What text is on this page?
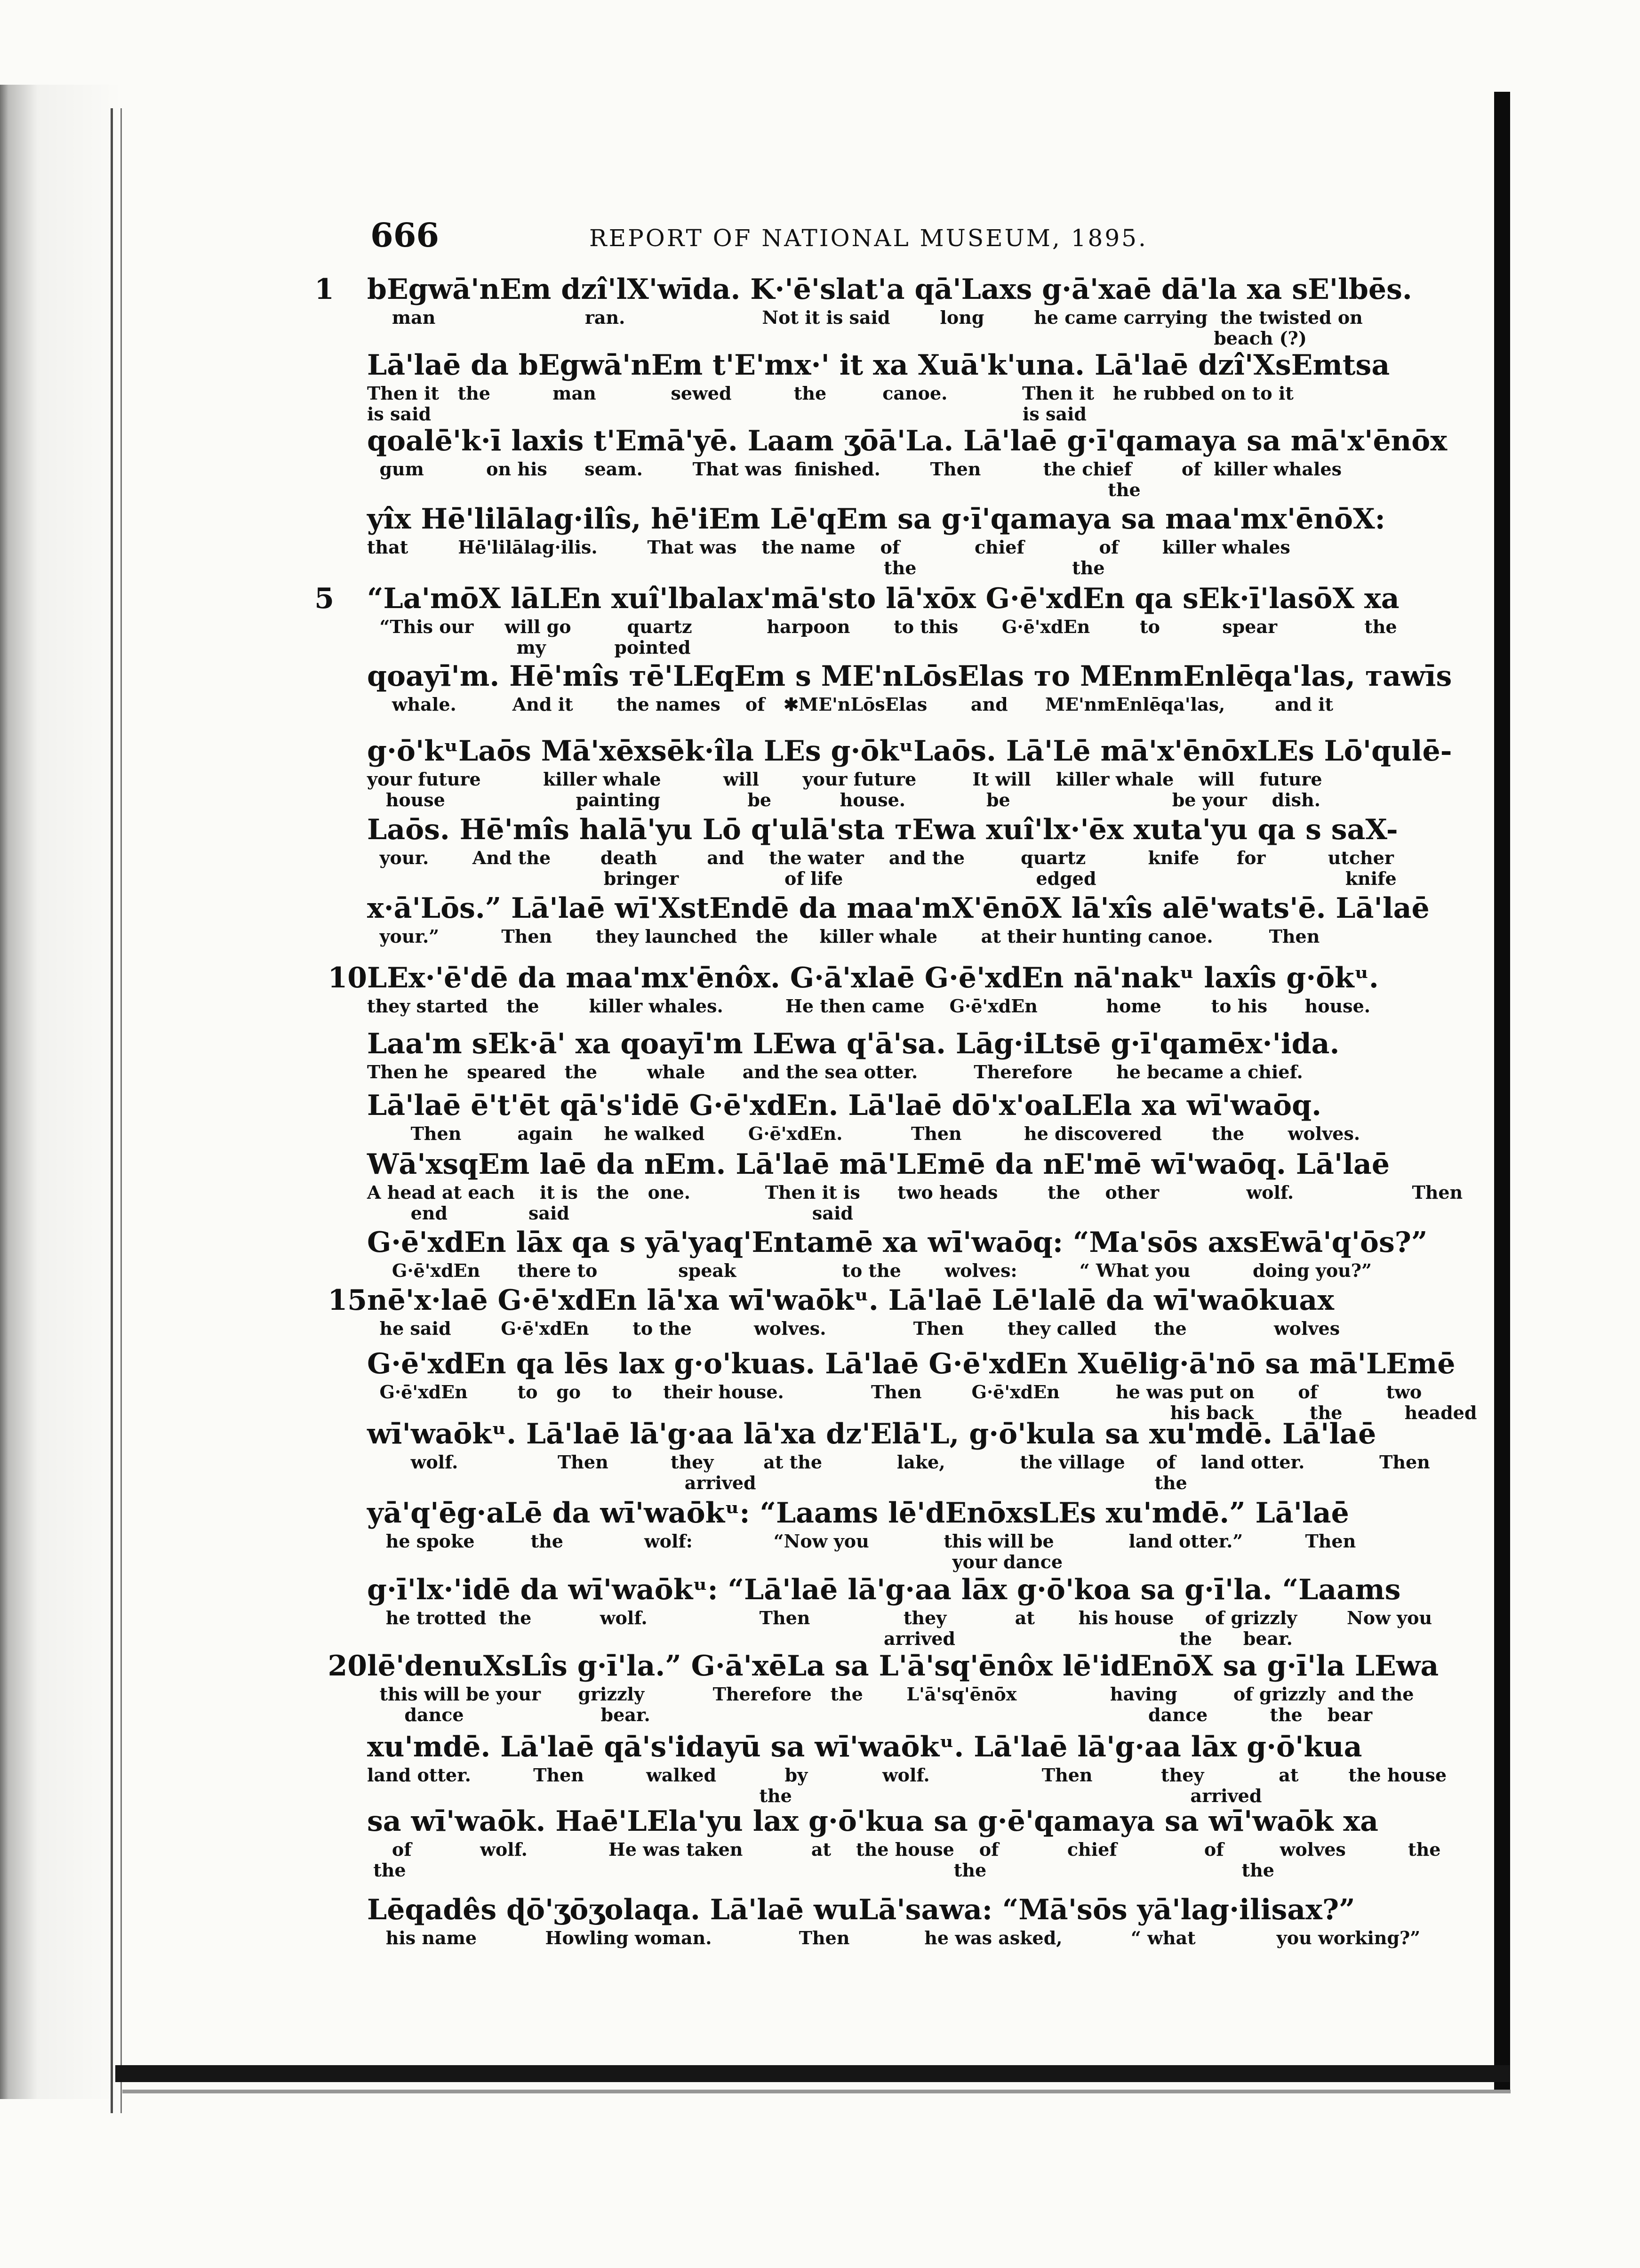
666	REPORT OF NATIONAL MUSEUM, 1895.
1 bEgwā'nEm dzî'lX'wīda. K·'ē'slat'a qā'Laxs g·ā'xaē dā'la xa sE'lbēs.
man                        ran.                      Not it is said        long        he came carrying  the twisted on
beach (?)
Lā'laē da bEgwā'nEm t'E'mx·' it xa Xuā'k'una. Lā'laē dzî'XsEmtsa
Then it   the          man            sewed          the         canoe.            Then it   he rubbed on to it
is said                                                                                               is said
qoalē'k·ī laxis t'Emā'yē. Laam ʒōā'La. Lā'laē g·ī'qamaya sa mā'x'ēnōx
gum          on his      seam.        That was  finished.        Then          the chief        of  killer whales
the
yîx Hē'lilālag·ilîs, hē'iEm Lē'qEm sa g·ī'qamaya sa maa'mx'ēnōX:
that        Hē'lilālag·ilis.        That was    the name    of            chief            of       killer whales
the                         the
5 “La'mōX lāLEn xuî'lbalax'mā'sto lā'xōx G·ē'xdEn qa sEk·ī'lasōX xa
“This our     will go         quartz            harpoon       to this       G·ē'xdEn        to          spear              the
my           pointed
qoayī'm. Hē'mîs ᴛē'LEqEm s ME'nLōsElas ᴛo MEnmEnlēqa'las, ᴛawīs
whale.         And it       the names    of   ✱ME'nLōsElas       and      ME'nmEnlēqa'las,        and it
g·ō'kᵘLaōs Mā'xēxsēk·îla LEs g·ōkᵘLaōs. Lā'Lē mā'x'ēnōxLEs Lō'qulē-
your future          killer whale          will       your future         It will    killer whale    will    future
house                     painting              be           house.             be                          be your    dish.
Laōs. Hē'mîs halā'yu Lō q'ulā'sta ᴛEwa xuî'lx·'ēx xuta'yu qa s saX-
your.       And the        death        and    the water    and the         quartz          knife      for          utcher
bringer                 of life                               edged                                        knife
x·ā'Lōs.” Lā'laē wī'XstEndē da maa'mX'ēnōX lā'xîs alē'wats'ē. Lā'laē
your.”          Then       they launched   the     killer whale       at their hunting canoe.         Then
10 LEx·'ē'dē da maa'mx'ēnôx. G·ā'xlaē G·ē'xdEn nā'nakᵘ laxîs g·ōkᵘ.
they started   the        killer whales.          He then came    G·ē'xdEn           home        to his      house.
Laa'm sEk·ā' xa qoayī'm LEwa q'ā'sa. Lāg·iLtsē g·ī'qamēx·'ida.
Then he   speared   the        whale      and the sea otter.         Therefore       he became a chief.
Lā'laē ē't'ēt qā's'idē G·ē'xdEn. Lā'laē dō'x'oaLEla xa wī'waōq.
Then         again     he walked       G·ē'xdEn.           Then          he discovered        the       wolves.
Wā'xsqEm laē da nEm. Lā'laē mā'LEmē da nE'mē wī'waōq. Lā'laē
A head at each    it is   the   one.            Then it is      two heads        the    other              wolf.                   Then
end             said                                       said
G·ē'xdEn lāx qa s yā'yaq'Entamē xa wī'waōq: “Ma'sōs axsEwā'q'ōs?”
G·ē'xdEn      there to             speak                 to the       wolves:          “ What you          doing you?”
15 nē'x·laē G·ē'xdEn lā'xa wī'waōkᵘ. Lā'laē Lē'lalē da wī'waōkuax
he said        G·ē'xdEn       to the          wolves.              Then       they called      the              wolves
G·ē'xdEn qa lēs lax g·o'kuas. Lā'laē G·ē'xdEn Xuēlig·ā'nō sa mā'LEmē
G·ē'xdEn        to   go     to     their house.              Then        G·ē'xdEn         he was put on       of           two
his back         the          headed
wī'waōkᵘ. Lā'laē lā'g·aa lā'xa dz'Elā'L, g·ō'kula sa xu'mdē. Lā'laē
wolf.                Then          they        at the            lake,            the village     of    land otter.            Then
arrived                                                                the
yā'q'ēg·aLē da wī'waōkᵘ: “Laams lē'dEnōxsLEs xu'mdē.” Lā'laē
he spoke         the             wolf:             “Now you            this will be            land otter.”          Then
your dance
g·ī'lx·'idē da wī'waōkᵘ: “Lā'laē lā'g·aa lāx g·ō'koa sa g·ī'la. “Laams
he trotted  the           wolf.                  Then               they           at       his house     of grizzly        Now you
arrived                                    the     bear.
20 lē'denuXsLîs g·ī'la.” G·ā'xēLa sa L'ā'sq'ēnôx lē'idEnōX sa g·ī'la LEwa
this will be your      grizzly           Therefore   the       L'ā'sq'ēnōx               having         of grizzly  and the
dance                      bear.                                                                                dance          the    bear
xu'mdē. Lā'laē qā's'idayū sa wī'waōkᵘ. Lā'laē lā'g·aa lāx g·ō'kua
land otter.          Then          walked           by            wolf.                  Then           they            at        the house
the                                                                arrived
sa wī'waōk. Haē'LEla'yu lax g·ō'kua sa g·ē'qamaya sa wī'waōk xa
of           wolf.             He was taken           at    the house    of           chief              of         wolves          the
the                                                                                        the                                         the
Lēqadês ɖō'ʒōʒolaqa. Lā'laē wuLā'sawa: “Mā'sōs yā'lag·ilisax?”
his name           Howling woman.              Then            he was asked,           “ what             you working?”
